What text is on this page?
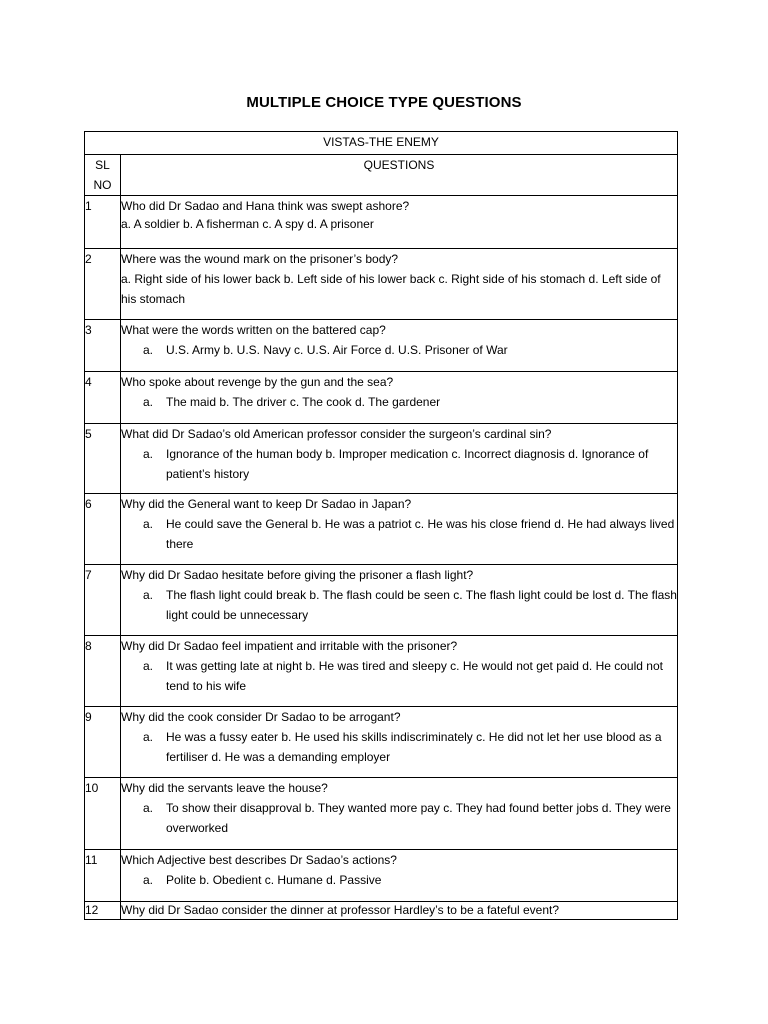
MULTIPLE CHOICE TYPE QUESTIONS
VISTAS-THE ENEMY	
SL
NO	QUESTIONS
1	Who did Dr Sadao and Hana think was swept ashore?
a. A soldier b. A fisherman c. A spy d. A prisoner

2	Where was the wound mark on the prisoner’s body?
a. Right side of his lower back b. Left side of his lower back c. Right side of his stomach d. Left side of his stomach

3	What were the words written on the battered cap?
a. U.S. Army b. U.S. Navy c. U.S. Air Force d. U.S. Prisoner of War

4	Who spoke about revenge by the gun and the sea?
a. The maid b. The driver c. The cook d. The gardener

5	What did Dr Sadao’s old American professor consider the surgeon’s cardinal sin?
a. Ignorance of the human body b. Improper medication c. Incorrect diagnosis d. Ignorance of patient’s history

6	Why did the General want to keep Dr Sadao in Japan?
a. He could save the General b. He was a patriot c. He was his close friend d. He had always lived there

7	Why did Dr Sadao hesitate before giving the prisoner a flash light?
a. The flash light could break b. The flash could be seen c. The flash light could be lost d. The flash light could be unnecessary

8	Why did Dr Sadao feel impatient and irritable with the prisoner?
a. It was getting late at night b. He was tired and sleepy c. He would not get paid d. He could not tend to his wife

9	Why did the cook consider Dr Sadao to be arrogant?
a. He was a fussy eater b. He used his skills indiscriminately c. He did not let her use blood as a fertiliser d. He was a demanding employer

10	Why did the servants leave the house?
a. To show their disapproval b. They wanted more pay c. They had found better jobs d. They were overworked

11	Which Adjective best describes Dr Sadao’s actions?
a. Polite b. Obedient c. Humane d. Passive

12	Why did Dr Sadao consider the dinner at professor Hardley’s to be a fateful event?
